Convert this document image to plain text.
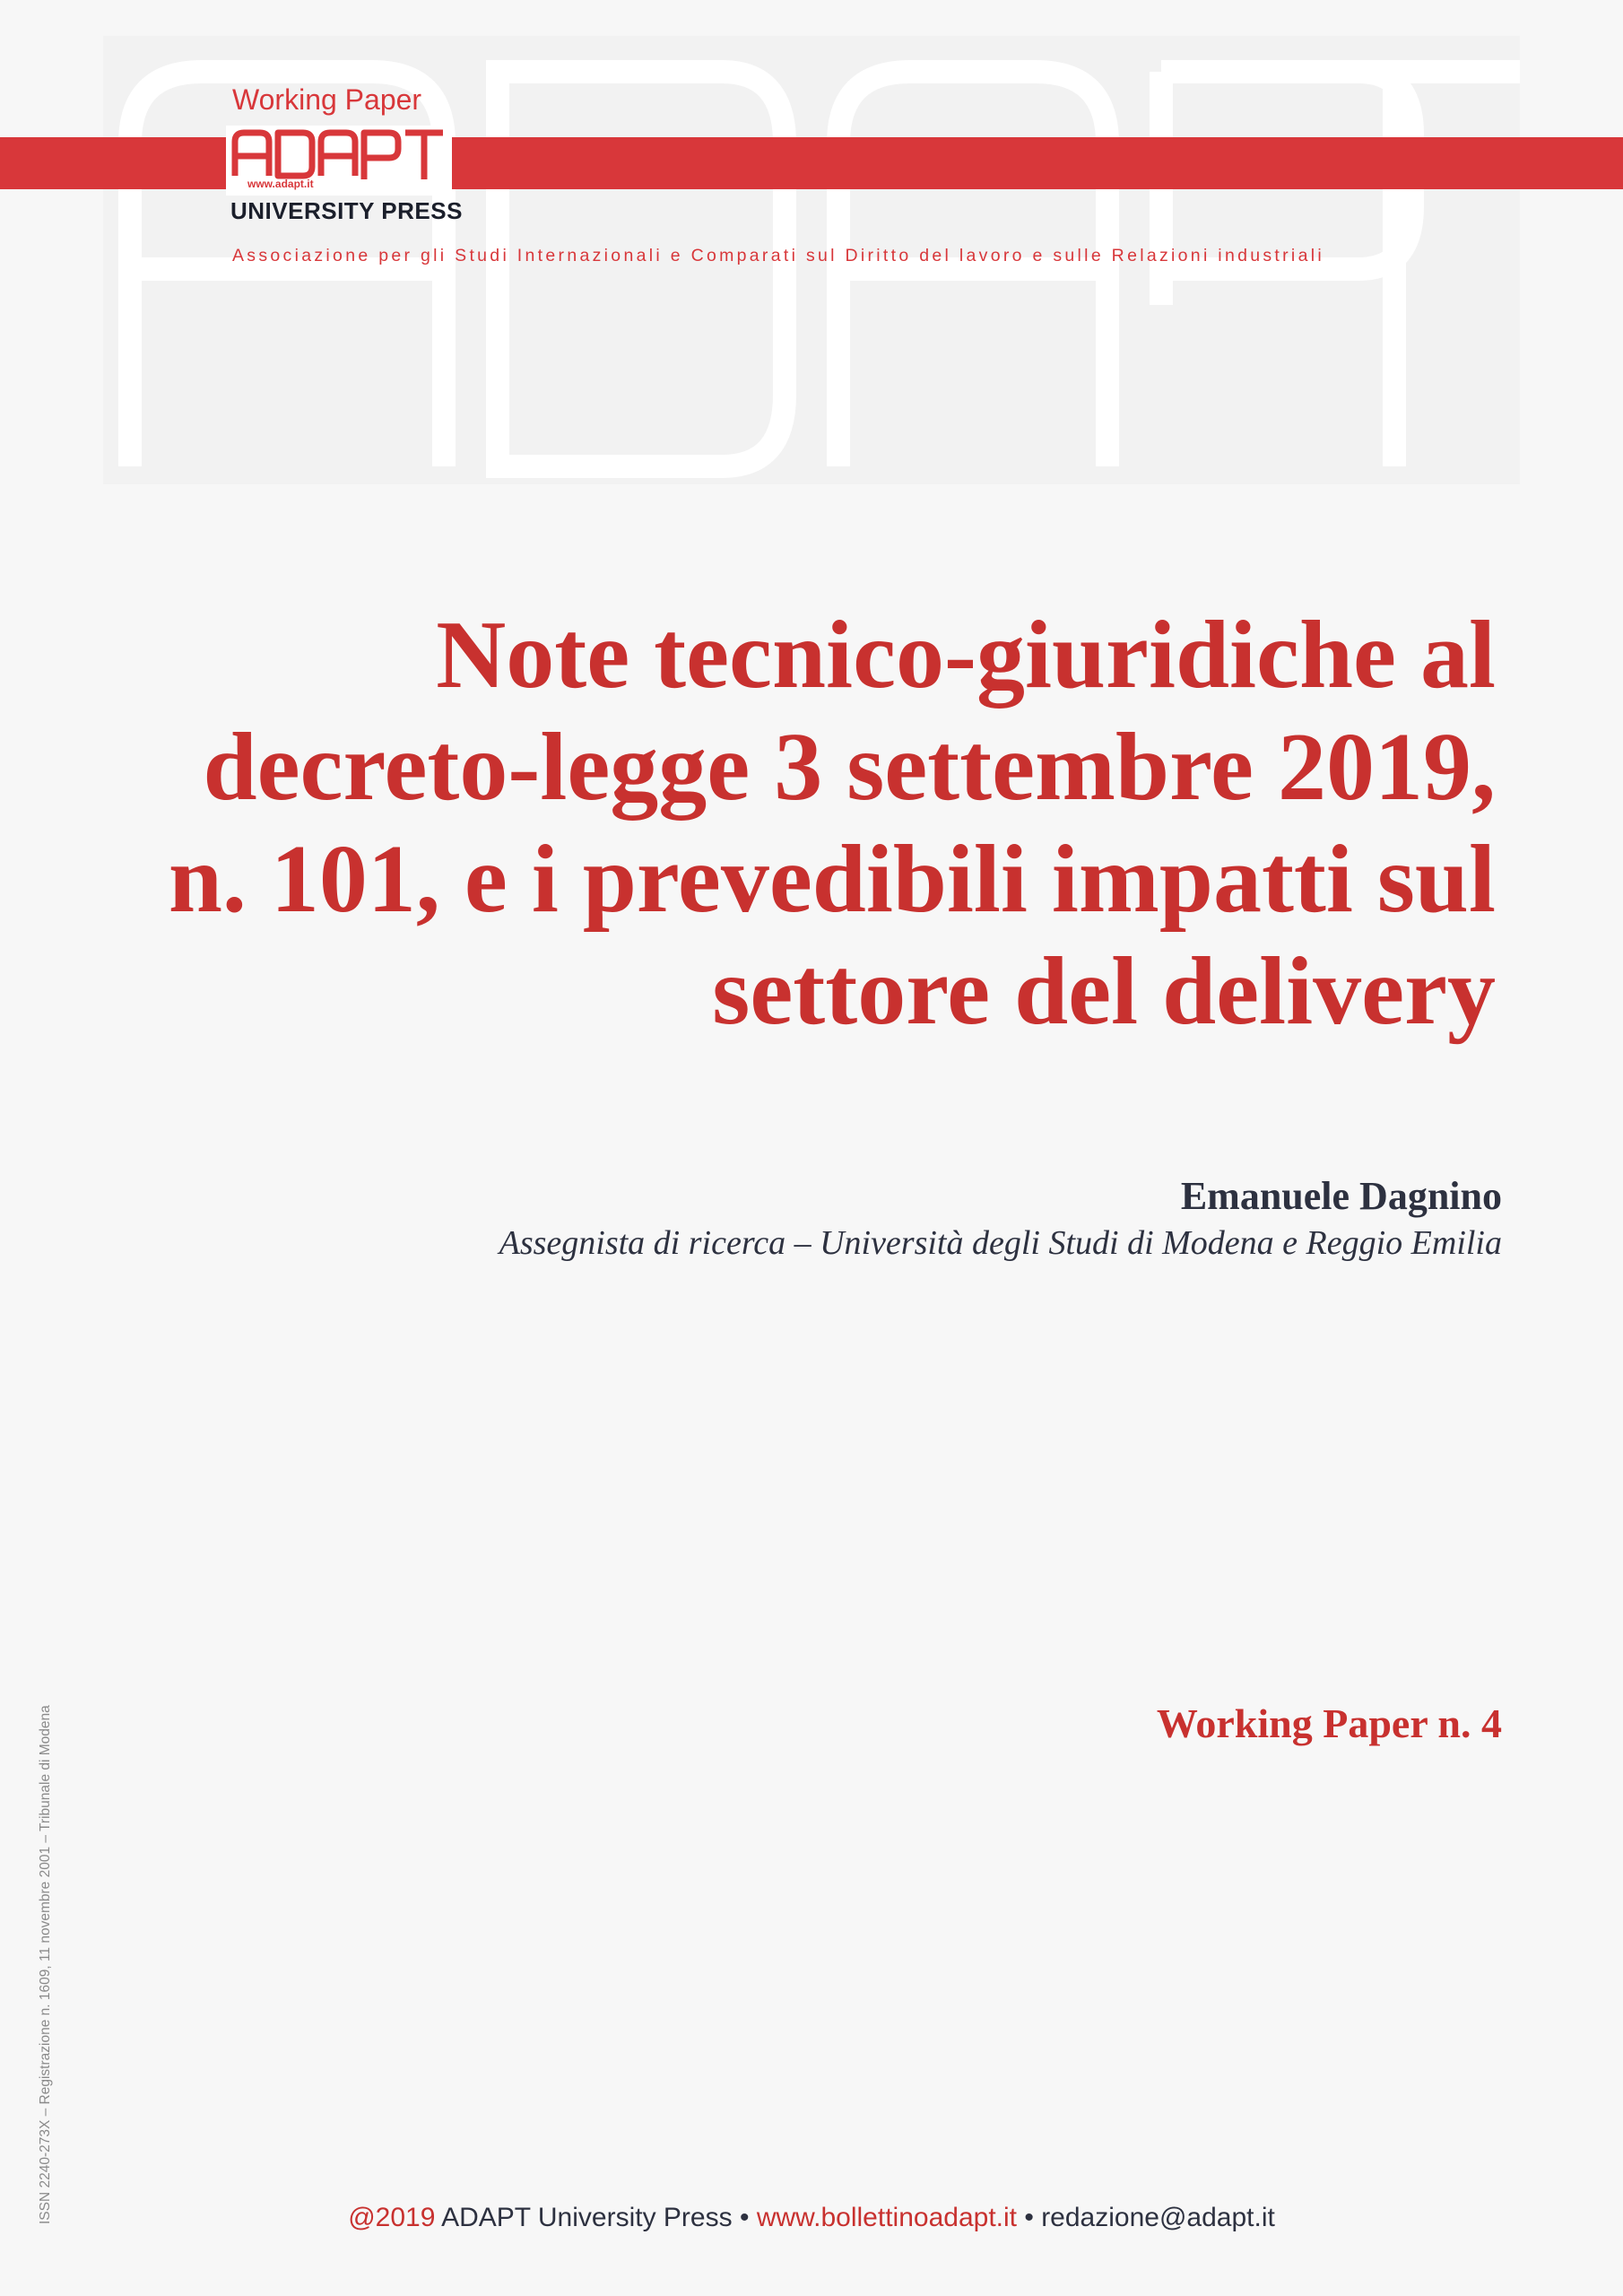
Working Paper
www.adapt.it
UNIVERSITY PRESS
Associazione per gli Studi Internazionali e Comparati sul Diritto del lavoro e sulle Relazioni industriali
Note tecnico-giuridiche al
decreto-legge 3 settembre 2019,
n. 101, e i prevedibili impatti sul
settore del delivery
Emanuele Dagnino
Assegnista di ricerca – Università degli Studi di Modena e Reggio Emilia
Working Paper n. 4
ISSN 2240-273X – Registrazione n. 1609, 11 novembre 2001 – Tribunale di Modena	@2019 ADAPT University Press • www.bollettinoadapt.it • redazione@adapt.it
